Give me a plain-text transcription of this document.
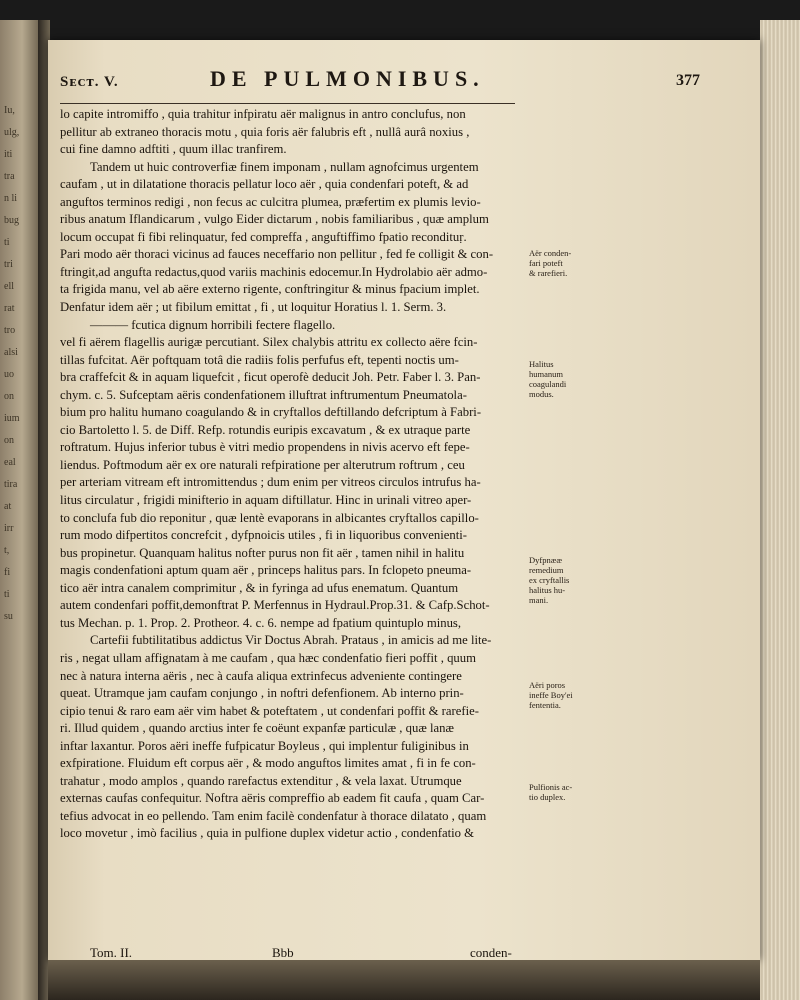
Iu,
ulg,
iti
tra
n li
bug
ti
tri
ell
rat
tro
alsi
uo
on
ium
on
eal
tira
at
irr
t,
fi
ti
su
Sᴇᴄᴛ. V.	DE PULMONIBUS.	377
lo capite intromiffo , quia trahitur infpiratu aër malignus in antro conclufus, non
pellitur ab extraneo thoracis motu , quia foris aër falubris eft , nullâ aurâ noxius ,
cui fine damno adftiti , quum illac tranfirem.
Tandem ut huic controverfiæ finem imponam , nullam agnofcimus urgentem
caufam , ut in dilatatione thoracis pellatur loco aër , quia condenfari poteft, & ad
anguftos terminos redigi , non fecus ac culcitra plumea, præfertim ex plumis levio-
ribus anatum Iflandicarum , vulgo Eider dictarum , nobis familiaribus , quæ amplum
locum occupat fi fibi relinquatur, fed compreffa , anguftiffimo fpatio recondituṛ.
Pari modo aër thoraci vicinus ad fauces neceffario non pellitur , fed fe colligit & con-
ftringit,ad angufta redactus,quod variis machinis edocemur.In Hydrolabio aër admo-
ta frigida manu, vel ab aëre externo rigente, conftringitur & minus fpacium implet.
Denfatur idem aër ; ut fibilum emittat , fi , ut loquitur Horatius l. 1. Serm. 3.
——— fcutica dignum horribili fectere flagello.
vel fi aërem flagellis aurigæ percutiant. Silex chalybis attritu ex collecto aëre fcin-
tillas fufcitat. Aër poftquam totâ die radiis folis perfufus eft, tepenti noctis um-
bra craffefcit & in aquam liquefcit , ficut operofè deducit Joh. Petr. Faber l. 3. Pan-
chym. c. 5. Sufceptam aëris condenfationem illuftrat inftrumentum Pneumatola-
bium pro halitu humano coagulando & in cryftallos deftillando defcriptum à Fabri-
cio Bartoletto l. 5. de Diff. Refp. rotundis euripis excavatum , & ex utraque parte
roftratum. Hujus inferior tubus è vitri medio propendens in nivis acervo eft fepe-
liendus. Poftmodum aër ex ore naturali refpiratione per alterutrum roftrum , ceu
per arteriam vitream eft intromittendus ; dum enim per vitreos circulos intrufus ha-
litus circulatur , frigidi minifterio in aquam diftillatur. Hinc in urinali vitreo aper-
to conclufa fub dio reponitur , quæ lentè evaporans in albicantes cryftallos capillo-
rum modo difpertitos concrefcit , dyfpnoicis utiles , fi in liquoribus convenienti-
bus propinetur. Quanquam halitus nofter purus non fit aër , tamen nihil in halitu
magis condenfationi aptum quam aër , princeps halitus pars. In fclopeto pneuma-
tico aër intra canalem comprimitur , & in fyringa ad ufus enematum. Quantum
autem condenfari poffit,demonftrat P. Merfennus in Hydraul.Prop.31. & Cafp.Schot-
tus Mechan. p. 1. Prop. 2. Protheor. 4. c. 6. nempe ad fpatium quintuplo minus,
Cartefii fubtilitatibus addictus Vir Doctus Abrah. Prataus , in amicis ad me lite-
ris , negat ullam affignatam à me caufam , qua hæc condenfatio fieri poffit , quum
nec à natura interna aëris , nec à caufa aliqua extrinfecus adveniente contingere
queat. Utramque jam caufam conjungo , in noftri defenfionem. Ab interno prin-
cipio tenui & raro eam aër vim habet & poteftatem , ut condenfari poffit & rarefie-
ri. Illud quidem , quando arctius inter fe coëunt expanfæ particulæ , quæ lanæ
inftar laxantur. Poros aëri ineffe fufpicatur Boyleus , qui implentur fuliginibus in
exfpiratione. Fluidum eft corpus aër , & modo anguftos limites amat , fi in fe con-
trahatur , modo amplos , quando rarefactus extenditur , & vela laxat. Utrumque
externas caufas confequitur. Noftra aëris compreffio ab eadem fit caufa , quam Car-
tefius advocat in eo pellendo. Tam enim facilè condenfatur à thorace dilatato , quam
loco movetur , imò facilius , quia in pulfione duplex videtur actio , condenfatio &
Aër conden-
fari poteft
& rarefieri.
Halitus
humanum
coagulandi
modus.
Dyfpnææ
remedium
ex cryftallis
halitus hu-
mani.
Aëri poros
ineffe Boy'ei
fententia.
Pulfionis ac-
tio duplex.
Tom. II.	Bbb	conden-
